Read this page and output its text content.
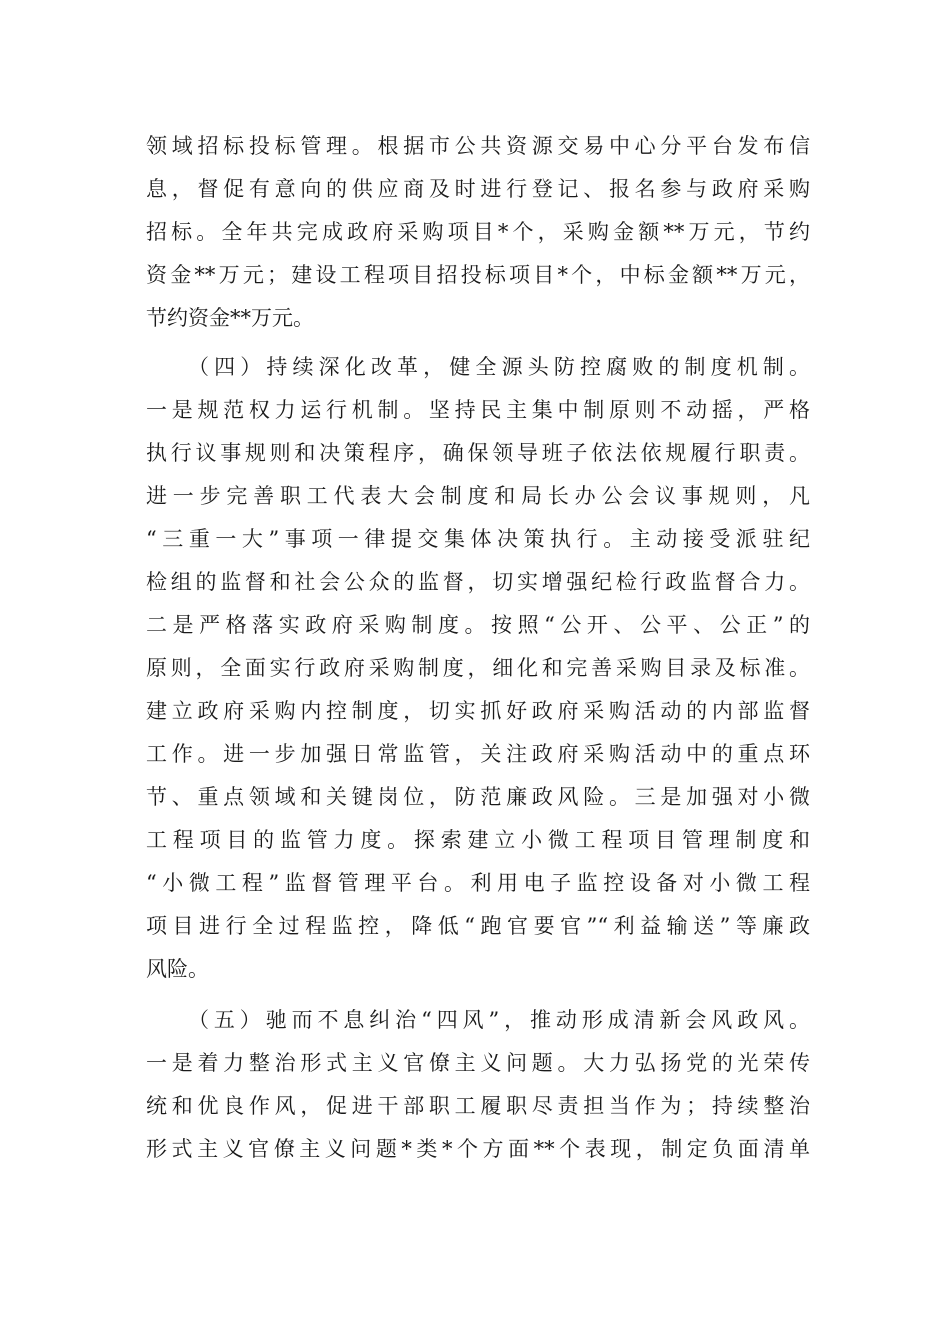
领域招标投标管理。根据市公共资源交易中心分平台发布信
息，督促有意向的供应商及时进行登记、报名参与政府采购
招标。全年共完成政府采购项目*个，采购金额**万元，节约
资金**万元；建设工程项目招投标项目*个，中标金额**万元，
节约资金**万元。
（四）持续深化改革，健全源头防控腐败的制度机制。
一是规范权力运行机制。坚持民主集中制原则不动摇，严格
执行议事规则和决策程序，确保领导班子依法依规履行职责。
进一步完善职工代表大会制度和局长办公会议事规则，凡
“三重一大”事项一律提交集体决策执行。主动接受派驻纪
检组的监督和社会公众的监督，切实增强纪检行政监督合力。
二是严格落实政府采购制度。按照“公开、公平、公正”的
原则，全面实行政府采购制度，细化和完善采购目录及标准。
建立政府采购内控制度，切实抓好政府采购活动的内部监督
工作。进一步加强日常监管，关注政府采购活动中的重点环
节、重点领域和关键岗位，防范廉政风险。三是加强对小微
工程项目的监管力度。探索建立小微工程项目管理制度和
“小微工程”监督管理平台。利用电子监控设备对小微工程
项目进行全过程监控，降低“跑官要官”“利益输送”等廉政
风险。
（五）驰而不息纠治“四风”，推动形成清新会风政风。
一是着力整治形式主义官僚主义问题。大力弘扬党的光荣传
统和优良作风，促进干部职工履职尽责担当作为；持续整治
形式主义官僚主义问题*类*个方面**个表现，制定负面清单
